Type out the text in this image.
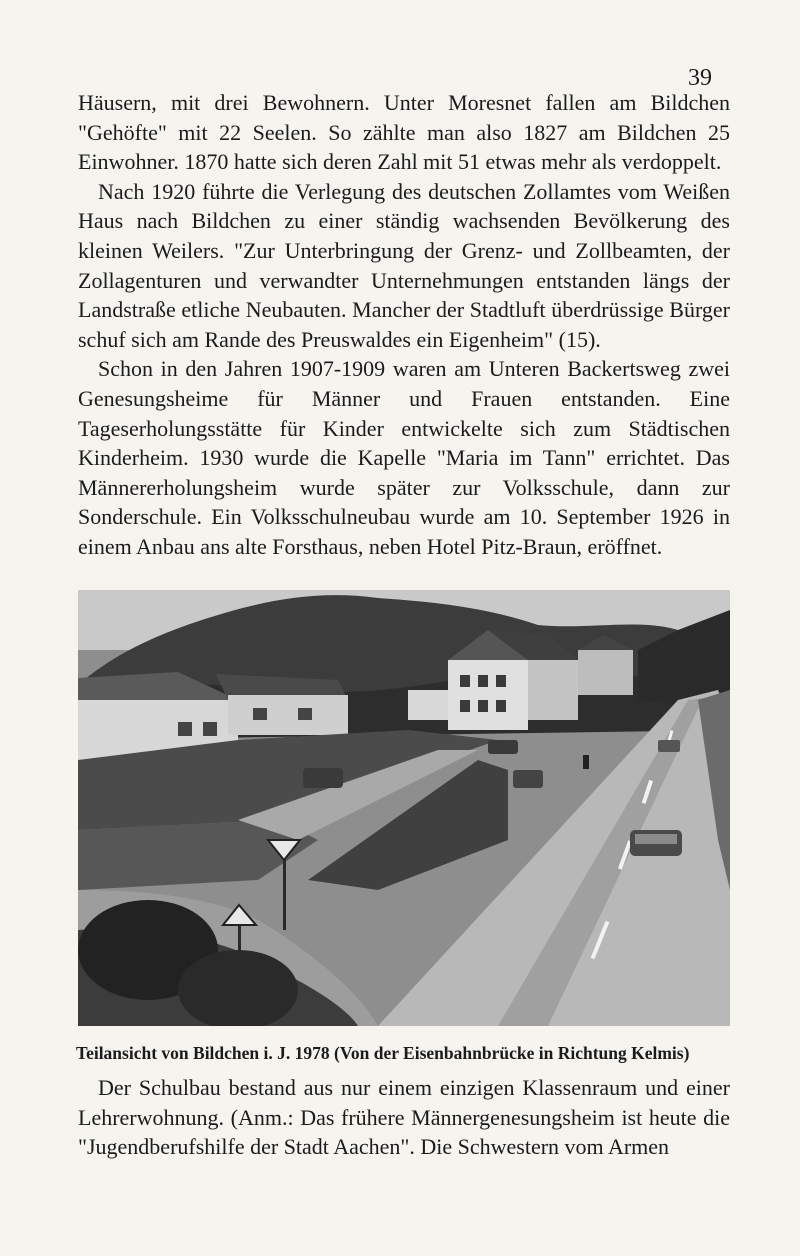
39

Häusern, mit drei Bewohnern. Unter Moresnet fallen am Bildchen "Gehöfte" mit 22 Seelen. So zählte man also 1827 am Bildchen 25 Einwohner. 1870 hatte sich deren Zahl mit 51 etwas mehr als verdoppelt.

Nach 1920 führte die Verlegung des deutschen Zollamtes vom Weißen Haus nach Bildchen zu einer ständig wachsenden Bevölkerung des kleinen Weilers. "Zur Unterbringung der Grenz- und Zollbeamten, der Zollagenturen und verwandter Unternehmungen entstanden längs der Landstraße etliche Neubauten. Mancher der Stadtluft überdrüssige Bürger schuf sich am Rande des Preuswaldes ein Eigenheim" (15).

Schon in den Jahren 1907-1909 waren am Unteren Backertsweg zwei Genesungsheime für Männer und Frauen entstanden. Eine Tageserholungsstätte für Kinder entwickelte sich zum Städtischen Kinderheim. 1930 wurde die Kapelle "Maria im Tann" errichtet. Das Männererholungsheim wurde später zur Volksschule, dann zur Sonderschule. Ein Volksschulneubau wurde am 10. September 1926 in einem Anbau ans alte Forsthaus, neben Hotel Pitz-Braun, eröffnet.

Teilansicht von Bildchen i. J. 1978 (Von der Eisenbahnbrücke in Richtung Kelmis)

Der Schulbau bestand aus nur einem einzigen Klassenraum und einer Lehrerwohnung. (Anm.: Das frühere Männergenesungsheim ist heute die "Jugendberufshilfe der Stadt Aachen". Die Schwestern vom Armen
